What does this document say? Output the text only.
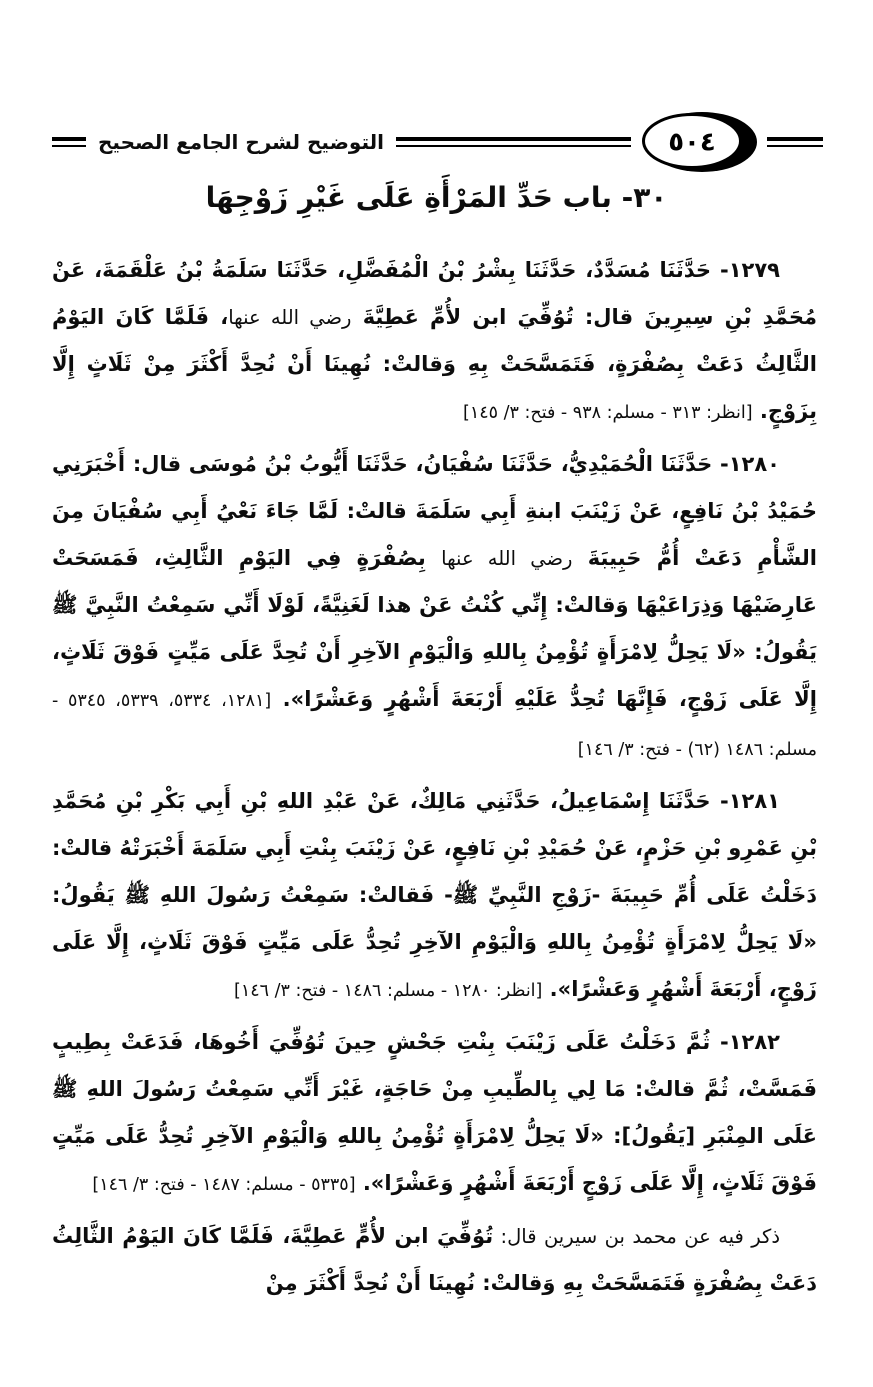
٥٠٤
التوضيح لشرح الجامع الصحيح
٣٠- باب حَدِّ المَرْأَةِ عَلَى غَيْرِ زَوْجِهَا

١٢٧٩- حَدَّثَنَا مُسَدَّدٌ، حَدَّثَنَا بِشْرُ بْنُ الْمُفَضَّلِ، حَدَّثَنَا سَلَمَةُ بْنُ عَلْقَمَةَ، عَنْ مُحَمَّدِ بْنِ سِيرِينَ قال: تُوُفِّيَ ابن لأُمِّ عَطِيَّةَ رضي الله عنها، فَلَمَّا كَانَ اليَوْمُ الثَّالِثُ دَعَتْ بِصُفْرَةٍ، فَتَمَسَّحَتْ بِهِ وَقالتْ: نُهِينَا أَنْ نُحِدَّ أَكْثَرَ مِنْ ثَلَاثٍ إِلَّا بِزَوْجٍ. [انظر: ٣١٣ - مسلم: ٩٣٨ - فتح: ٣/ ١٤٥]

١٢٨٠- حَدَّثَنَا الْحُمَيْدِيُّ، حَدَّثَنَا سُفْيَانُ، حَدَّثَنَا أَيُّوبُ بْنُ مُوسَى قال: أَخْبَرَنِي حُمَيْدُ بْنُ نَافِعٍ، عَنْ زَيْنَبَ ابنةِ أَبِي سَلَمَةَ قالتْ: لَمَّا جَاءَ نَعْيُ أَبِي سُفْيَانَ مِنَ الشَّأْمِ دَعَتْ أُمُّ حَبِيبَةَ رضي الله عنها بِصُفْرَةٍ فِي اليَوْمِ الثَّالِثِ، فَمَسَحَتْ عَارِضَيْهَا وَذِرَاعَيْهَا وَقالتْ: إِنِّي كُنْتُ عَنْ هذا لَغَنِيَّةً، لَوْلَا أَنِّي سَمِعْتُ النَّبِيَّ ﷺ يَقُولُ: «لَا يَحِلُّ لِامْرَأَةٍ تُؤْمِنُ بِاللهِ وَالْيَوْمِ الآخِرِ أَنْ تُحِدَّ عَلَى مَيِّتٍ فَوْقَ ثَلَاثٍ، إِلَّا عَلَى زَوْجٍ، فَإِنَّهَا تُحِدُّ عَلَيْهِ أَرْبَعَةَ أَشْهُرٍ وَعَشْرًا». [١٢٨١، ٥٣٣٤، ٥٣٣٩، ٥٣٤٥ - مسلم: ١٤٨٦ (٦٢) - فتح: ٣/ ١٤٦]

١٢٨١- حَدَّثَنَا إِسْمَاعِيلُ، حَدَّثَنِي مَالِكٌ، عَنْ عَبْدِ اللهِ بْنِ أَبِي بَكْرِ بْنِ مُحَمَّدِ بْنِ عَمْرِو بْنِ حَزْمٍ، عَنْ حُمَيْدِ بْنِ نَافِعٍ، عَنْ زَيْنَبَ بِنْتِ أَبِي سَلَمَةَ أَخْبَرَتْهُ قالتْ: دَخَلْتُ عَلَى أُمِّ حَبِيبَةَ -زَوْجِ النَّبِيِّ ﷺ- فَقالتْ: سَمِعْتُ رَسُولَ اللهِ ﷺ يَقُولُ: «لَا يَحِلُّ لِامْرَأَةٍ تُؤْمِنُ بِاللهِ وَالْيَوْمِ الآخِرِ تُحِدُّ عَلَى مَيِّتٍ فَوْقَ ثَلَاثٍ، إِلَّا عَلَى زَوْجٍ، أَرْبَعَةَ أَشْهُرٍ وَعَشْرًا». [انظر: ١٢٨٠ - مسلم: ١٤٨٦ - فتح: ٣/ ١٤٦]

١٢٨٢- ثُمَّ دَخَلْتُ عَلَى زَيْنَبَ بِنْتِ جَحْشٍ حِينَ تُوُفِّيَ أَخُوهَا، فَدَعَتْ بِطِيبٍ فَمَسَّتْ، ثُمَّ قالتْ: مَا لِي بِالطِّيبِ مِنْ حَاجَةٍ، غَيْرَ أَنِّي سَمِعْتُ رَسُولَ اللهِ ﷺ عَلَى المِنْبَرِ [يَقُولُ]: «لَا يَحِلُّ لِامْرَأَةٍ تُؤْمِنُ بِاللهِ وَالْيَوْمِ الآخِرِ تُحِدُّ عَلَى مَيِّتٍ فَوْقَ ثَلَاثٍ، إِلَّا عَلَى زَوْجٍ أَرْبَعَةَ أَشْهُرٍ وَعَشْرًا». [٥٣٣٥ - مسلم: ١٤٨٧ - فتح: ٣/ ١٤٦]

ذكر فيه عن محمد بن سيرين قال: تُوُفِّيَ ابن لأُمٍّ عَطِيَّةَ، فَلَمَّا كَانَ اليَوْمُ الثَّالِثُ دَعَتْ بِصُفْرَةٍ فَتَمَسَّحَتْ بِهِ وَقالتْ: نُهِينَا أَنْ نُحِدَّ أَكْثَرَ مِنْ
